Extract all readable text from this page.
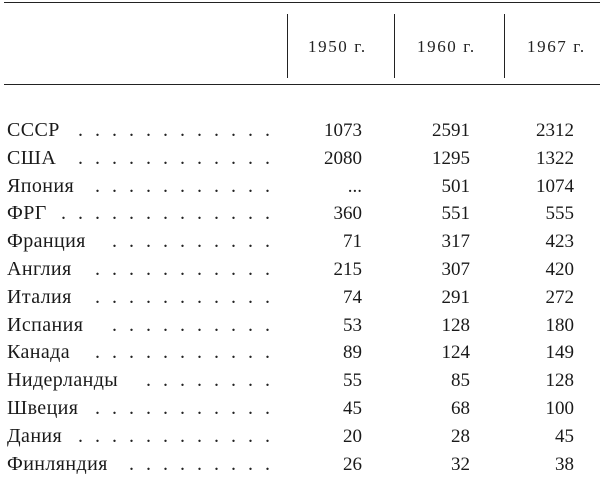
1950 г.	1960 г.	1967 г.
СССР . . . . . . . . . . . .	1073	2591	2312
США . . . . . . . . . . . .	2080	1295	1322
Япония . . . . . . . . . . .	...	501	1074
ФРГ . . . . . . . . . . . . .	360	551	555
Франция . . . . . . . . . .	71	317	423
Англия . . . . . . . . . . .	215	307	420
Италия . . . . . . . . . . .	74	291	272
Испания . . . . . . . . . .	53	128	180
Канада . . . . . . . . . . .	89	124	149
Нидерланды . . . . . . . .	55	85	128
Швеция . . . . . . . . . . .	45	68	100
Дания . . . . . . . . . . . .	20	28	45
Финляндия . . . . . . . . .	26	32	38
